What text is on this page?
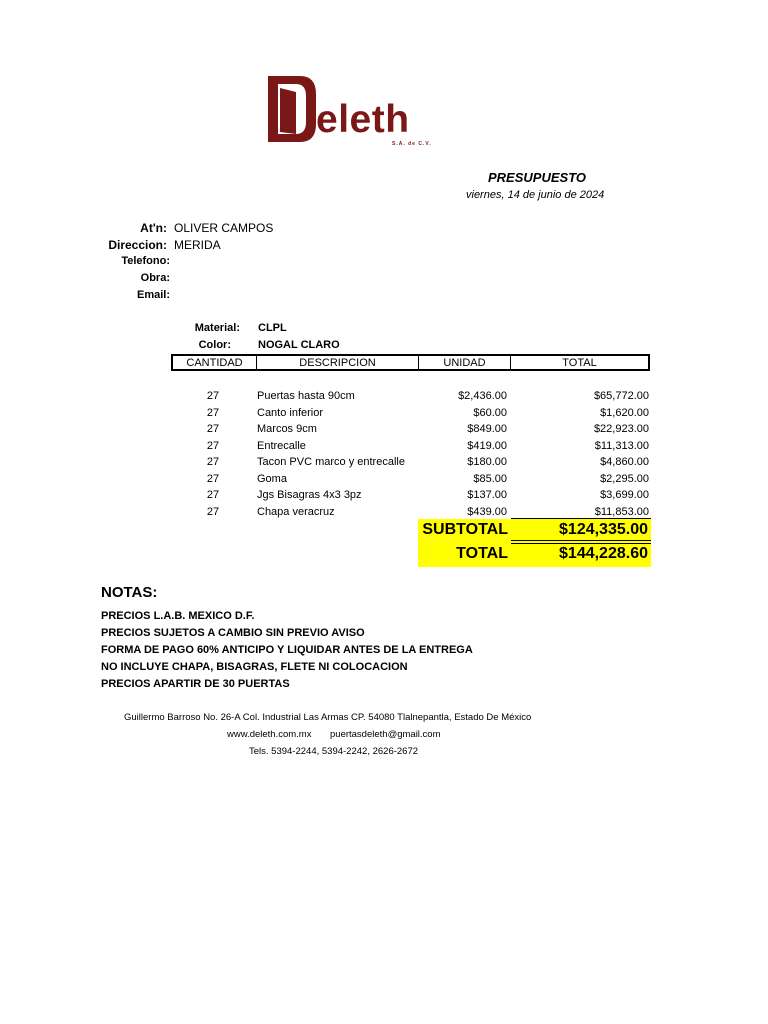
eleth
S.A. de C.V.
PRESUPUESTO
viernes, 14 de junio de 2024
At'n: OLIVER CAMPOS
Direccion: MERIDA
Telefono:
Obra:
Email:
Material: CLPL
Color: NOGAL CLARO
CANTIDAD	DESCRIPCION	UNIDAD	TOTAL
27	Puertas hasta 90cm	$2,436.00	$65,772.00
27	Canto inferior	$60.00	$1,620.00
27	Marcos 9cm	$849.00	$22,923.00
27	Entrecalle	$419.00	$11,313.00
27	Tacon PVC marco y entrecalle	$180.00	$4,860.00
27	Goma	$85.00	$2,295.00
27	Jgs Bisagras 4x3 3pz	$137.00	$3,699.00
27	Chapa veracruz	$439.00	$11,853.00
SUBTOTAL	$124,335.00
TOTAL	$144,228.60
NOTAS:
PRECIOS L.A.B. MEXICO D.F.
PRECIOS SUJETOS A CAMBIO SIN PREVIO AVISO
FORMA DE PAGO 60% ANTICIPO Y LIQUIDAR ANTES DE LA ENTREGA
NO INCLUYE CHAPA, BISAGRAS, FLETE NI COLOCACION
PRECIOS APARTIR DE 30 PUERTAS
Guillermo Barroso No. 26-A Col. Industrial Las Armas CP. 54080 Tlalnepantla, Estado De México
www.deleth.com.mx puertasdeleth@gmail.com
Tels. 5394-2244, 5394-2242, 2626-2672
